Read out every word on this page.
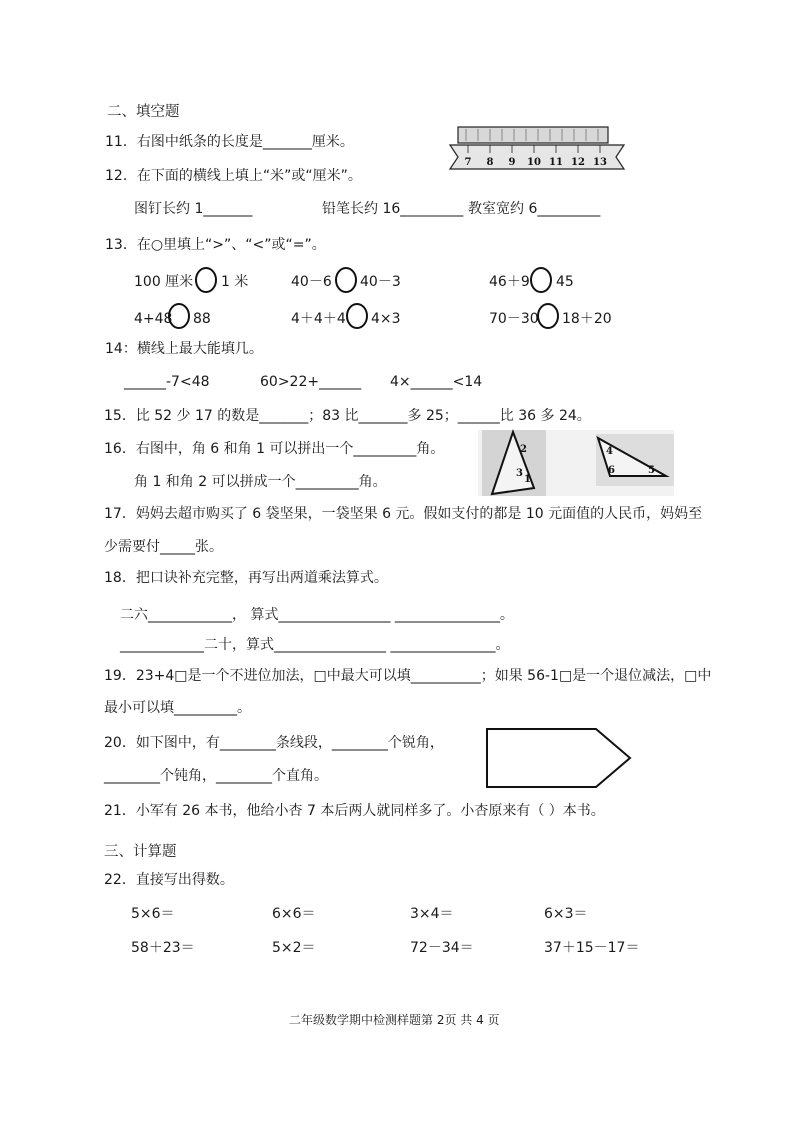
二、填空题
11．右图中纸条的长度是_______厘米。
7 8 9 10 11 12 13
12．在下面的横线上填上“米”或“厘米”。
图钉长约 1_______	铅笔长约 16_________ 教室宽约 6_________
13．在○里填上“>”、“<”或“=”。
100 厘米 1 米	40－6 40－3	46＋9 45
4+48 88	4＋4＋4 4×3	70－30 18＋20
14：横线上最大能填几。
______-7<48	60>22+______ 4×______<14
15．比 52 少 17 的数是_______；83 比_______多 25；______比 36 多 24。
16．右图中，角 6 和角 1 可以拼出一个_________角。
角 1 和角 2 可以拼成一个_________角。
2
1
3
4
6	5
17．妈妈去超市购买了 6 袋坚果，一袋坚果 6 元。假如支付的都是 10 元面值的人民币，妈妈至
少需要付_____张。
18．把口诀补充完整，再写出两道乘法算式。
二六____________， 算式________________ _______________。
____________二十，算式________________ _______________。
19．23+4□是一个不进位加法，□中最大可以填__________；如果 56-1□是一个退位减法，□中
最小可以填_________。
20．如下图中，有________条线段，________个锐角，
________个钝角，________个直角。
21．小军有 26 本书，他给小杏 7 本后两人就同样多了。小杏原来有（ ）本书。
三、计算题
22．直接写出得数。
5×6＝	6×6＝	3×4＝	6×3＝
58＋23＝	5×2＝	72－34＝	37＋15－17＝
二年级数学期中检测样题第 2页 共 4 页
